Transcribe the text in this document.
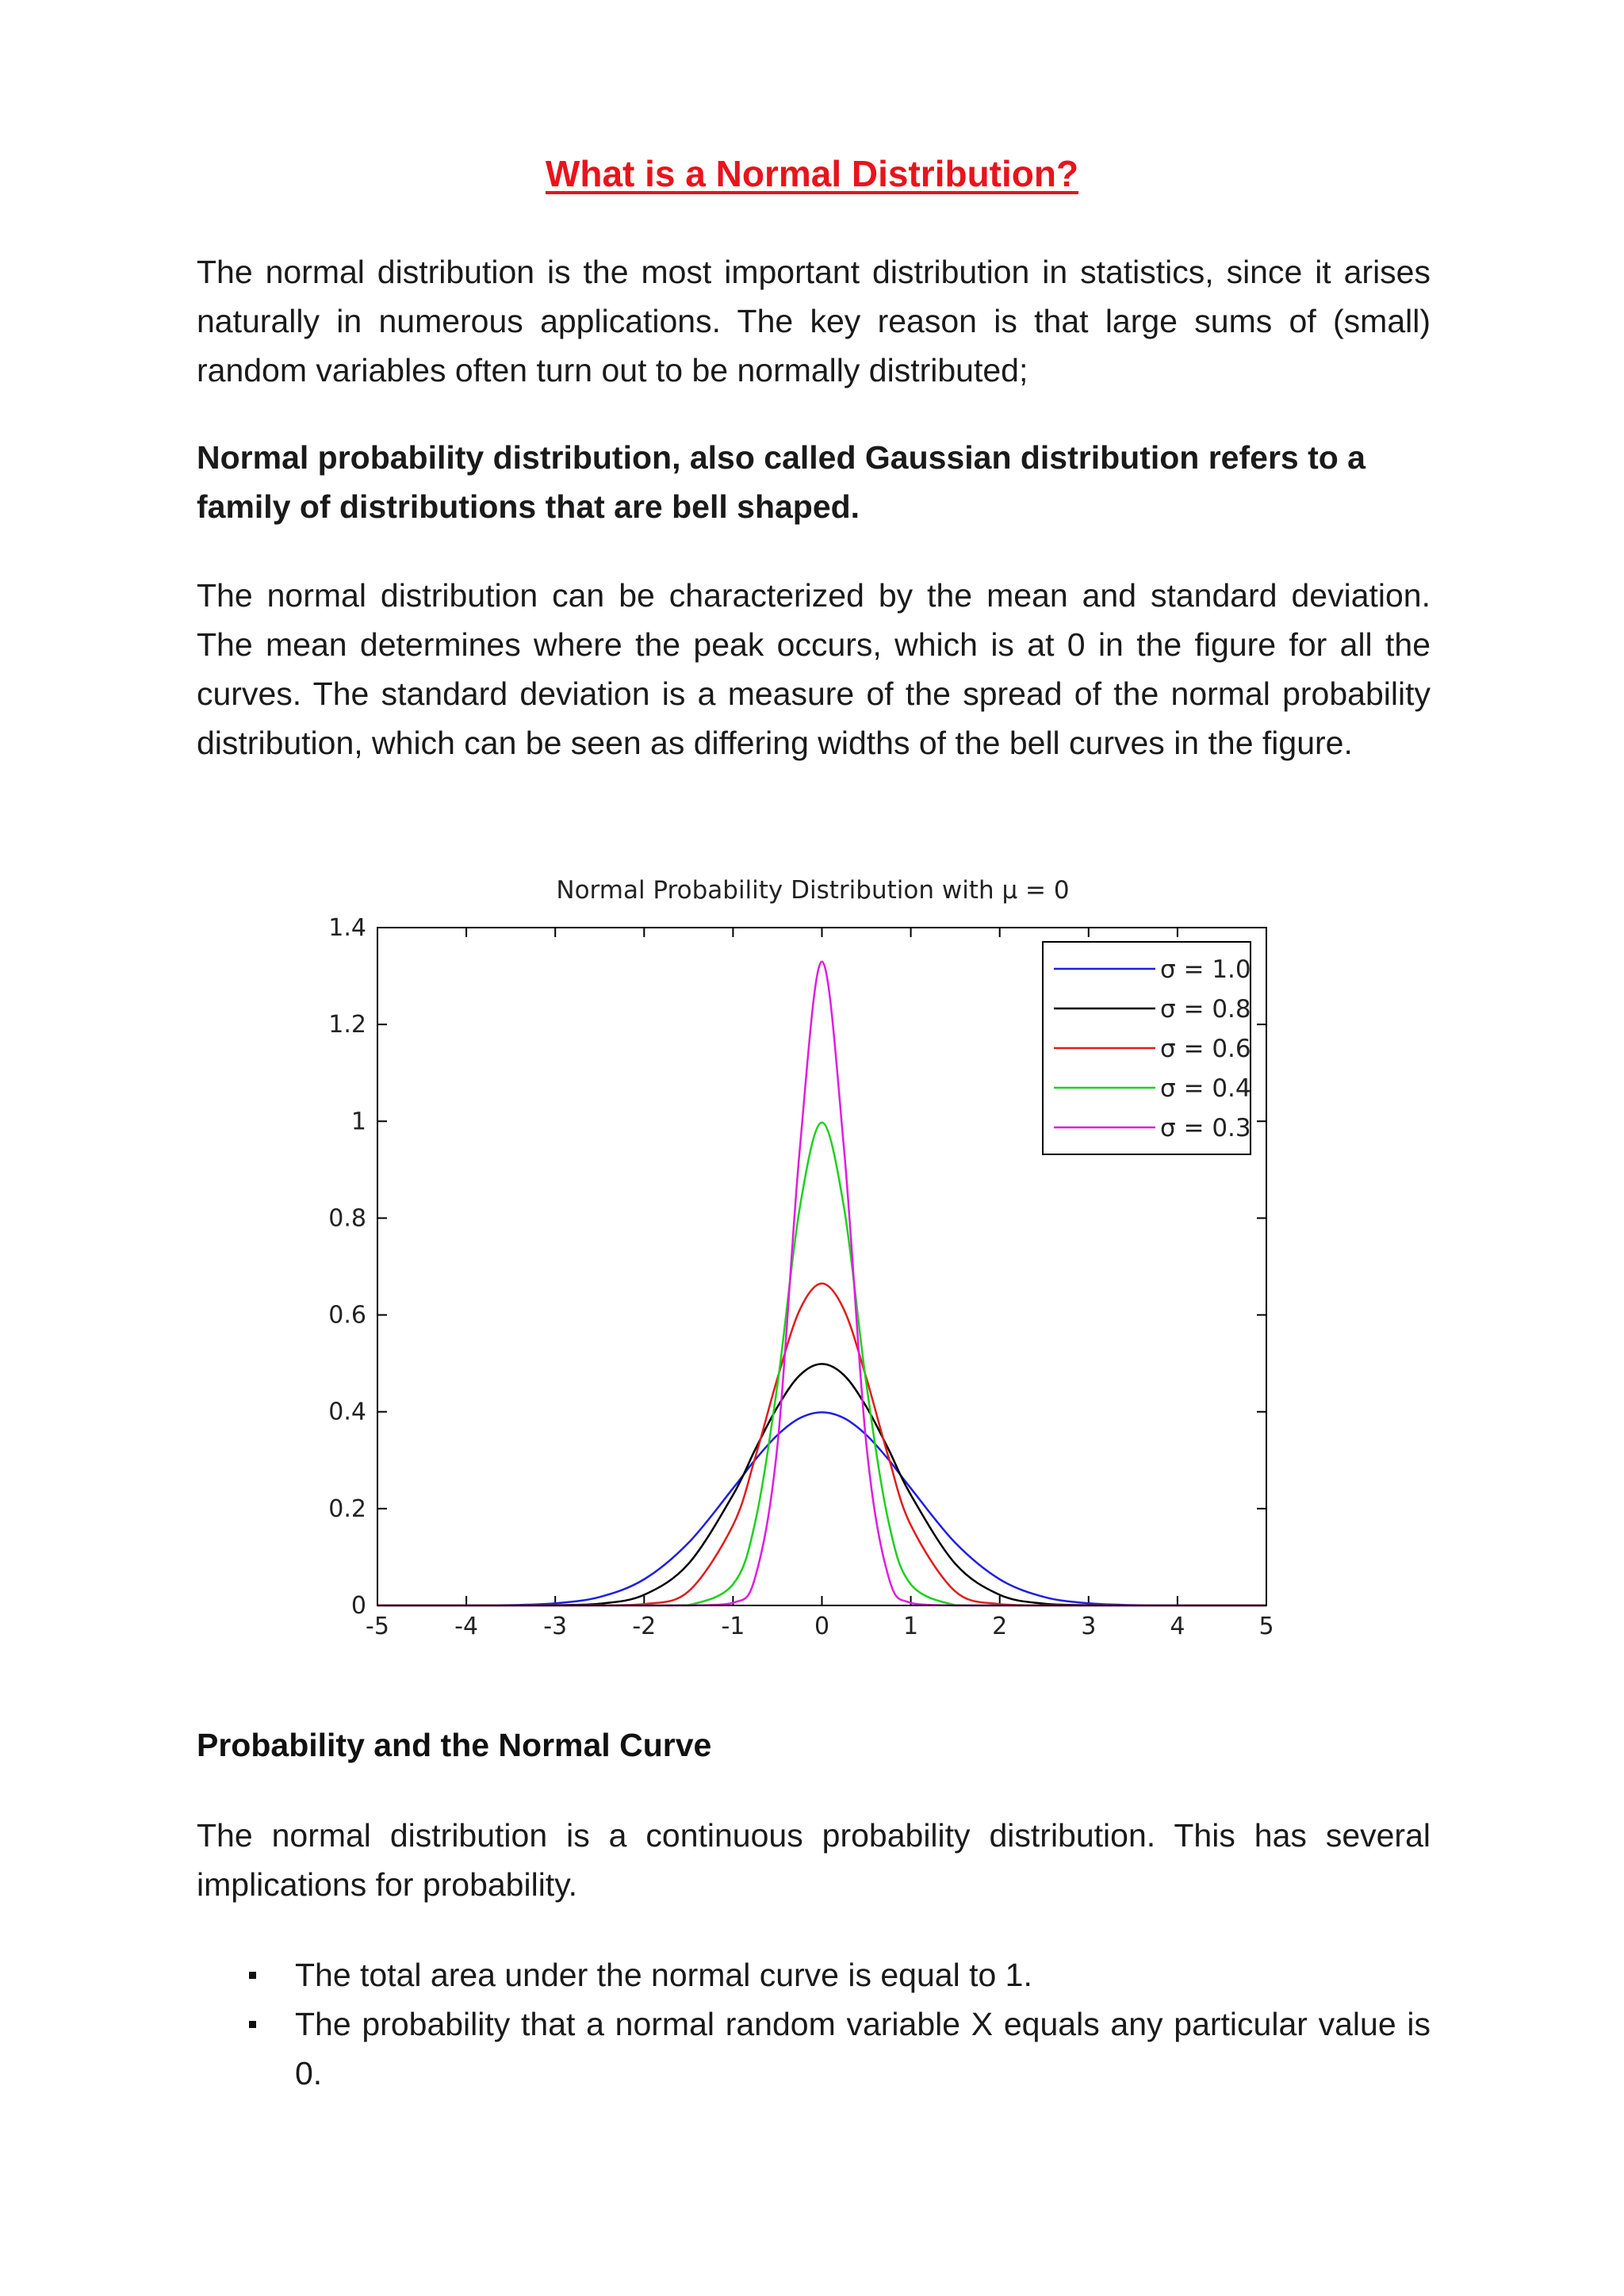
What is a Normal Distribution?

The normal distribution is the most important distribution in statistics, since it arises naturally in numerous applications. The key reason is that large sums of (small) random variables often turn out to be normally distributed;

Normal probability distribution, also called Gaussian distribution refers to a family of distributions that are bell shaped.

The normal distribution can be characterized by the mean and standard deviation. The mean determines where the peak occurs, which is at 0 in the figure for all the curves. The standard deviation is a measure of the spread of the normal probability distribution, which can be seen as differing widths of the bell curves in the figure.

Normal Probability Distribution with μ = 0
0
0.2
0.4
0.6
0.8
1
1.2
1.4
-5	-4	-3	-2	-1	0	1	2	3	4	5
σ = 1.0
σ = 0.8
σ = 0.6
σ = 0.4
σ = 0.3
Probability and the Normal Curve

The normal distribution is a continuous probability distribution. This has several implications for probability.

The total area under the normal curve is equal to 1.
The probability that a normal random variable X equals any particular value is 0.
